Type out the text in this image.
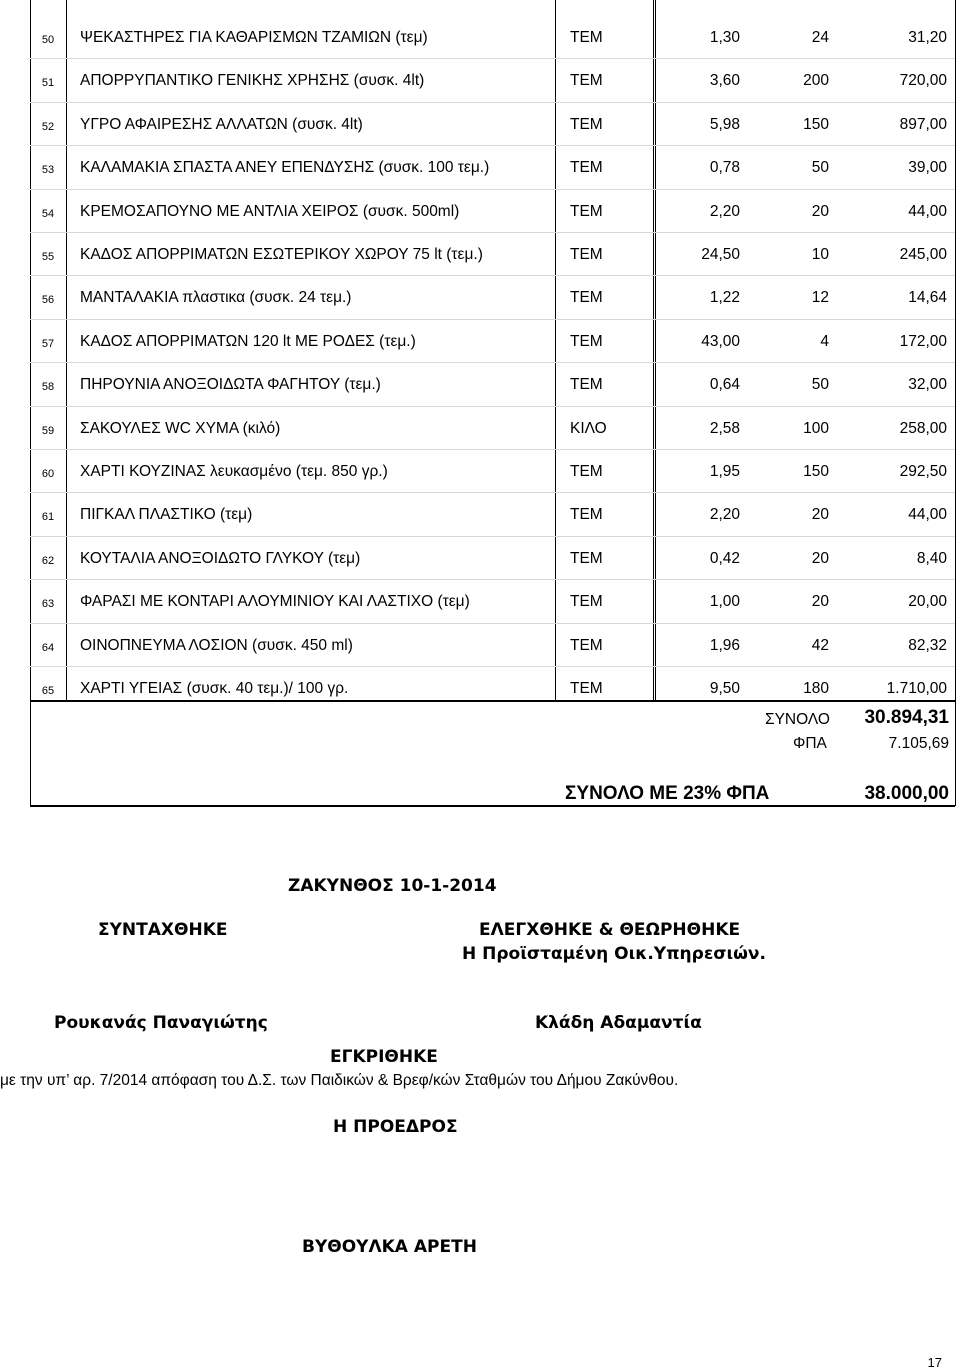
50	ΨΕΚΑΣΤΗΡΕΣ ΓΙΑ ΚΑΘΑΡΙΣΜΩΝ ΤΖΑΜΙΩΝ (τεμ)	ΤΕΜ	1,30	24	31,20
51	ΑΠΟΡΡΥΠΑΝΤΙΚΟ ΓΕΝΙΚΗΣ ΧΡΗΣΗΣ (συσκ. 4lt)	ΤΕΜ	3,60	200	720,00
52	ΥΓΡΟ ΑΦΑΙΡΕΣΗΣ ΑΛΛΑΤΩΝ (συσκ. 4lt)	ΤΕΜ	5,98	150	897,00
53	ΚΑΛΑΜΑΚΙΑ ΣΠΑΣΤΑ ΑΝΕΥ ΕΠΕΝΔΥΣΗΣ (συσκ. 100 τεμ.)	ΤΕΜ	0,78	50	39,00
54	ΚΡΕΜΟΣΑΠΟΥΝΟ ΜΕ ΑΝΤΛΙΑ ΧΕΙΡΟΣ (συσκ. 500ml)	ΤΕΜ	2,20	20	44,00
55	ΚΑΔΟΣ ΑΠΟΡΡΙΜΑΤΩΝ ΕΣΩΤΕΡΙΚΟΥ ΧΩΡΟΥ 75 lt (τεμ.)	ΤΕΜ	24,50	10	245,00
56	ΜΑΝΤΑΛΑΚΙΑ πλαστικα (συσκ. 24 τεμ.)	ΤΕΜ	1,22	12	14,64
57	ΚΑΔΟΣ ΑΠΟΡΡΙΜΑΤΩΝ 120 lt ΜΕ ΡΟΔΕΣ (τεμ.)	ΤΕΜ	43,00	4	172,00
58	ΠΗΡΟΥΝΙΑ ΑΝΟΞΟΙΔΩΤΑ ΦΑΓΗΤΟΥ (τεμ.)	ΤΕΜ	0,64	50	32,00
59	ΣΑΚΟΥΛΕΣ WC ΧΥΜΑ (κιλό)	ΚΙΛΟ	2,58	100	258,00
60	ΧΑΡΤΙ ΚΟΥΖΙΝΑΣ λευκασμένο (τεμ. 850 γρ.)	ΤΕΜ	1,95	150	292,50
61	ΠΙΓΚΑΛ ΠΛΑΣΤΙΚΟ (τεμ)	ΤΕΜ	2,20	20	44,00
62	ΚΟΥΤΑΛΙΑ ΑΝΟΞΟΙΔΩΤΟ ΓΛΥΚΟΥ (τεμ)	ΤΕΜ	0,42	20	8,40
63	ΦΑΡΑΣΙ ΜΕ ΚΟΝΤΑΡΙ ΑΛΟΥΜΙΝΙΟΥ ΚΑΙ ΛΑΣΤΙΧΟ (τεμ)	ΤΕΜ	1,00	20	20,00
64	ΟΙΝΟΠΝΕΥΜΑ ΛΟΣΙΟΝ (συσκ. 450 ml)	ΤΕΜ	1,96	42	82,32
65	ΧΑΡΤΙ ΥΓΕΙΑΣ (συσκ. 40 τεμ.)/ 100 γρ.	ΤΕΜ	9,50	180	1.710,00
ΣΥΝΟΛΟ 30.894,31
ΦΠΑ	7.105,69
ΣΥΝΟΛΟ ΜΕ 23% ΦΠΑ	38.000,00
ΖΑΚΥΝΘΟΣ 10-1-2014
ΣΥΝΤΑΧΘΗΚΕ	ΕΛΕΓΧΘΗΚΕ & ΘΕΩΡΗΘΗΚΕ
Η Προϊσταμένη Οικ.Υπηρεσιών.
Ρουκανάς Παναγιώτης	Κλάδη Αδαμαντία
ΕΓΚΡΙΘΗΚΕ
με την υπ’ αρ. 7/2014 απόφαση του Δ.Σ. των Παιδικών & Βρεφ/κών Σταθμών του Δήμου Ζακύνθου.
Η ΠΡΟΕΔΡΟΣ
ΒΥΘΟΥΛΚΑ ΑΡΕΤΗ
17
